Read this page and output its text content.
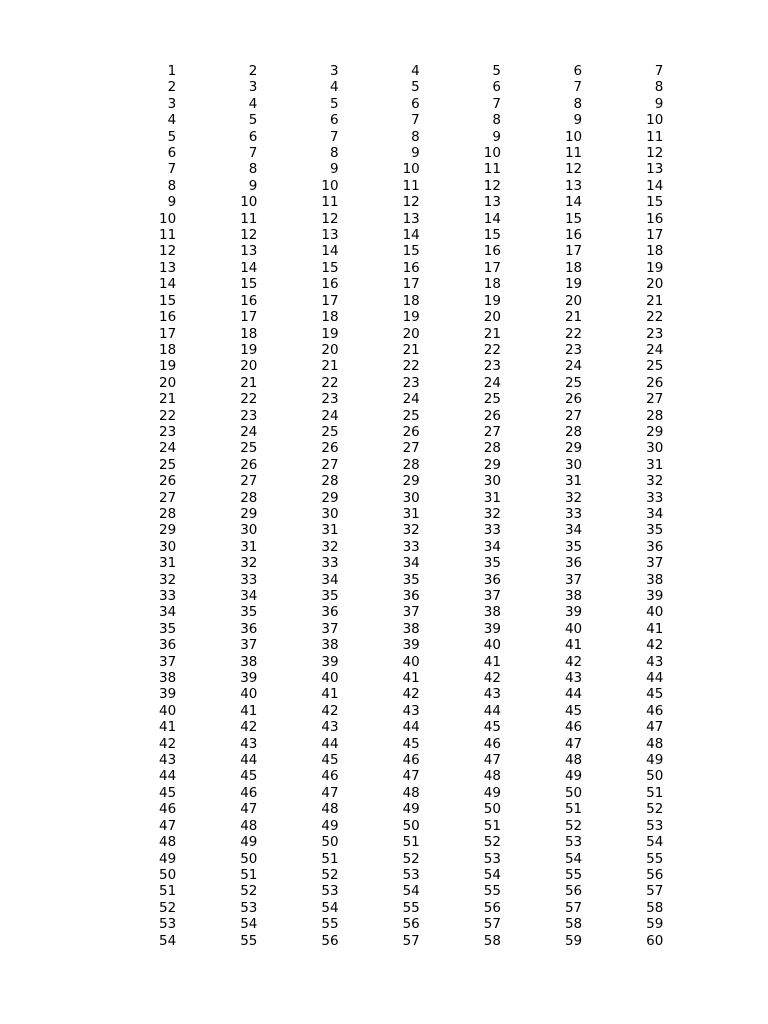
1	2	3	4	5	6	7
2	3	4	5	6	7	8
3	4	5	6	7	8	9
4	5	6	7	8	9	10
5	6	7	8	9	10	11
6	7	8	9	10	11	12
7	8	9	10	11	12	13
8	9	10	11	12	13	14
9	10	11	12	13	14	15
10	11	12	13	14	15	16
11	12	13	14	15	16	17
12	13	14	15	16	17	18
13	14	15	16	17	18	19
14	15	16	17	18	19	20
15	16	17	18	19	20	21
16	17	18	19	20	21	22
17	18	19	20	21	22	23
18	19	20	21	22	23	24
19	20	21	22	23	24	25
20	21	22	23	24	25	26
21	22	23	24	25	26	27
22	23	24	25	26	27	28
23	24	25	26	27	28	29
24	25	26	27	28	29	30
25	26	27	28	29	30	31
26	27	28	29	30	31	32
27	28	29	30	31	32	33
28	29	30	31	32	33	34
29	30	31	32	33	34	35
30	31	32	33	34	35	36
31	32	33	34	35	36	37
32	33	34	35	36	37	38
33	34	35	36	37	38	39
34	35	36	37	38	39	40
35	36	37	38	39	40	41
36	37	38	39	40	41	42
37	38	39	40	41	42	43
38	39	40	41	42	43	44
39	40	41	42	43	44	45
40	41	42	43	44	45	46
41	42	43	44	45	46	47
42	43	44	45	46	47	48
43	44	45	46	47	48	49
44	45	46	47	48	49	50
45	46	47	48	49	50	51
46	47	48	49	50	51	52
47	48	49	50	51	52	53
48	49	50	51	52	53	54
49	50	51	52	53	54	55
50	51	52	53	54	55	56
51	52	53	54	55	56	57
52	53	54	55	56	57	58
53	54	55	56	57	58	59
54	55	56	57	58	59	60
